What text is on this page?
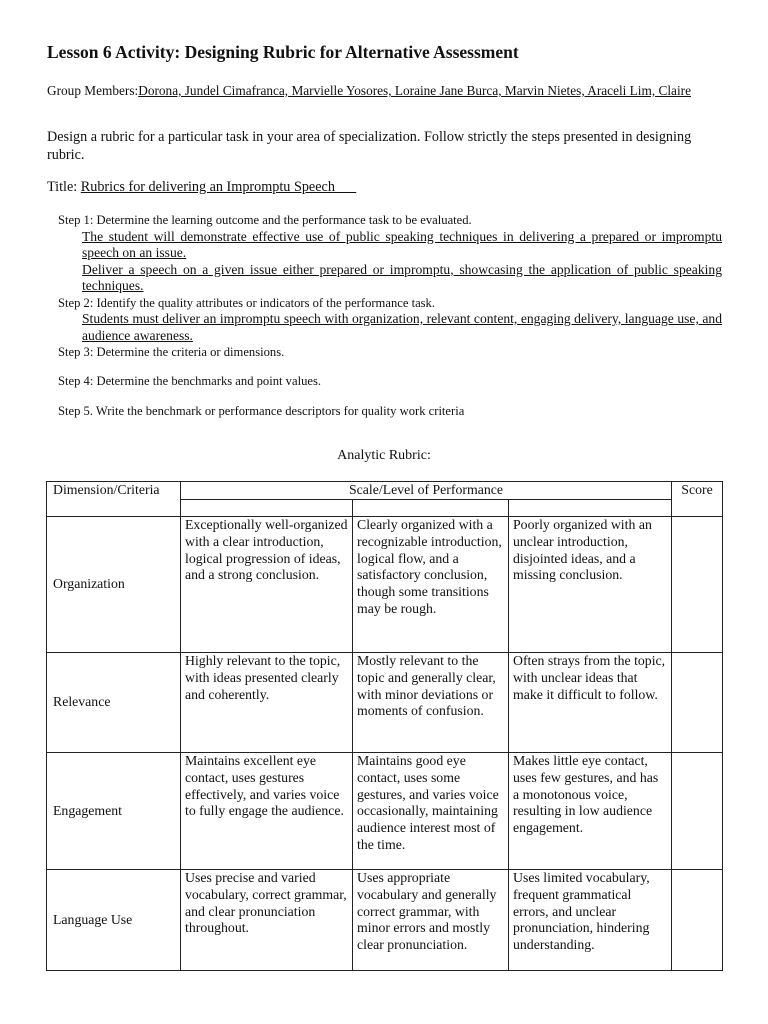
Lesson 6 Activity: Designing Rubric for Alternative Assessment
Group Members:Dorona, Jundel Cimafranca, Marvielle Yosores, Loraine Jane Burca, Marvin Nietes, Araceli Lim, Claire
Design a rubric for a particular task in your area of specialization. Follow strictly the steps presented in designing rubric.
Title: Rubrics for delivering an Impromptu Speech
Step 1: Determine the learning outcome and the performance task to be evaluated.
The student will demonstrate effective use of public speaking techniques in delivering a prepared or impromptu speech on an issue.
Deliver a speech on a given issue either prepared or impromptu, showcasing the application of public speaking techniques.
Step 2: Identify the quality attributes or indicators of the performance task.
Students must deliver an impromptu speech with organization, relevant content, engaging delivery, language use, and audience awareness.
Step 3: Determine the criteria or dimensions.
Step 4: Determine the benchmarks and point values.
Step 5. Write the benchmark or performance descriptors for quality work criteria
Analytic Rubric:
Dimension/Criteria	Scale/Level of Performance			Score

Organization	Exceptionally well-organized with a clear introduction, logical progression of ideas, and a strong conclusion.	Clearly organized with a recognizable introduction, logical flow, and a satisfactory conclusion, though some transitions may be rough.	Poorly organized with an unclear introduction, disjointed ideas, and a missing conclusion.	
Relevance	Highly relevant to the topic, with ideas presented clearly and coherently.	Mostly relevant to the topic and generally clear, with minor deviations or moments of confusion.	Often strays from the topic, with unclear ideas that make it difficult to follow.	
Engagement	Maintains excellent eye contact, uses gestures effectively, and varies voice to fully engage the audience.	Maintains good eye contact, uses some gestures, and varies voice occasionally, maintaining audience interest most of the time.	Makes little eye contact, uses few gestures, and has a monotonous voice, resulting in low audience engagement.	
Language Use	Uses precise and varied vocabulary, correct grammar, and clear pronunciation throughout.	Uses appropriate vocabulary and generally correct grammar, with minor errors and mostly clear pronunciation.	Uses limited vocabulary, frequent grammatical errors, and unclear pronunciation, hindering understanding.	
